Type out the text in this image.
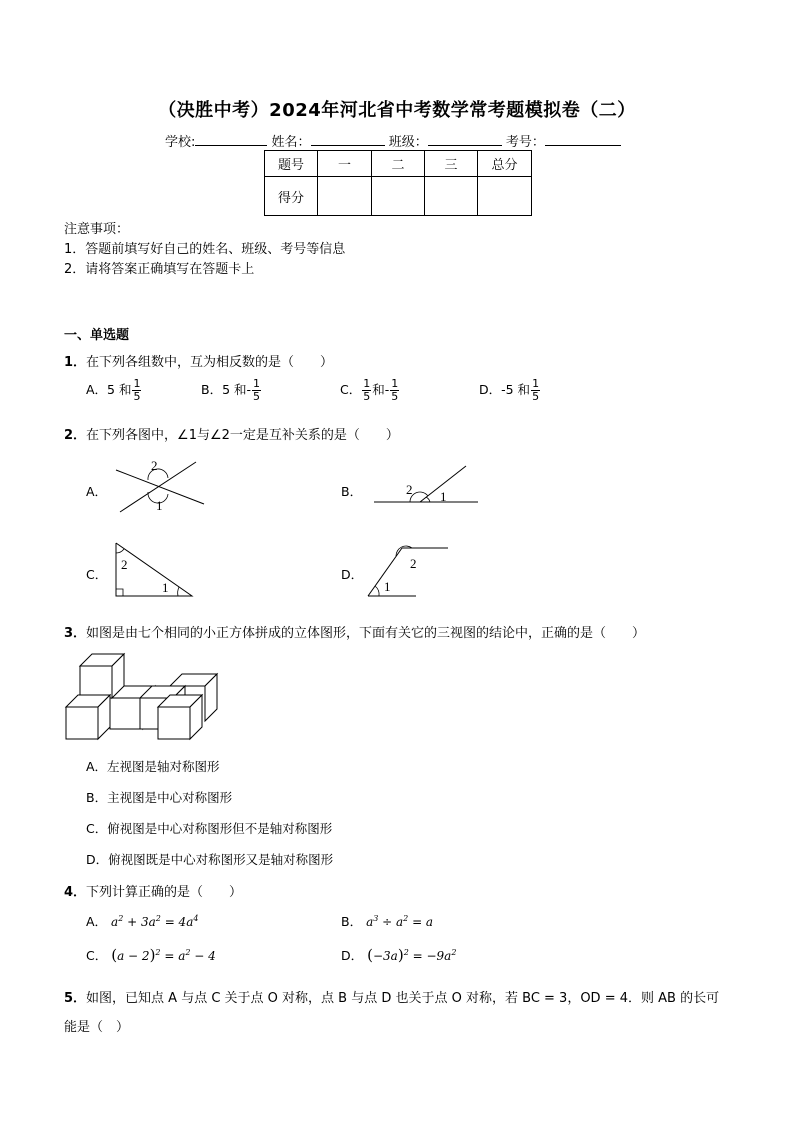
（决胜中考）2024年河北省中考数学常考题模拟卷（二）
学校:	姓名：	班级：	考号：
题号	一	二	三	总分
得分				
注意事项：
1．答题前填写好自己的姓名、班级、考号等信息
2．请将答案正确填写在答题卡上
一、单选题
1．在下列各组数中，互为相反数的是（　　）
A．5 和 $\frac{1}{5}$	B．5 和- $\frac{1}{5}$	C． $\frac{1}{5}$ 和- $\frac{1}{5}$	D．-5 和 $\frac{1}{5}$
2．在下列各图中，∠1与∠2一定是互补关系的是（　　）
A．
2
1
B．	2 1
C．
2
1
D．
1
2
3．如图是由七个相同的小正方体拼成的立体图形，下面有关它的三视图的结论中，正确的是（　　）
A．左视图是轴对称图形
B．主视图是中心对称图形
C．俯视图是中心对称图形但不是轴对称图形
D．俯视图既是中心对称图形又是轴对称图形
4．下列计算正确的是（　　）
A． $a^2 + 3a^2 = 4a^4$	B． $a^3 \div a^2 = a$
C． $(a - 2)^2 = a^2 - 4$	D． $(-3a)^2 = -9a^2$
5．如图，已知点 A 与点 C 关于点 O 对称，点 B 与点 D 也关于点 O 对称，若 BC = 3，OD = 4．则 AB 的长可
能是（　）
